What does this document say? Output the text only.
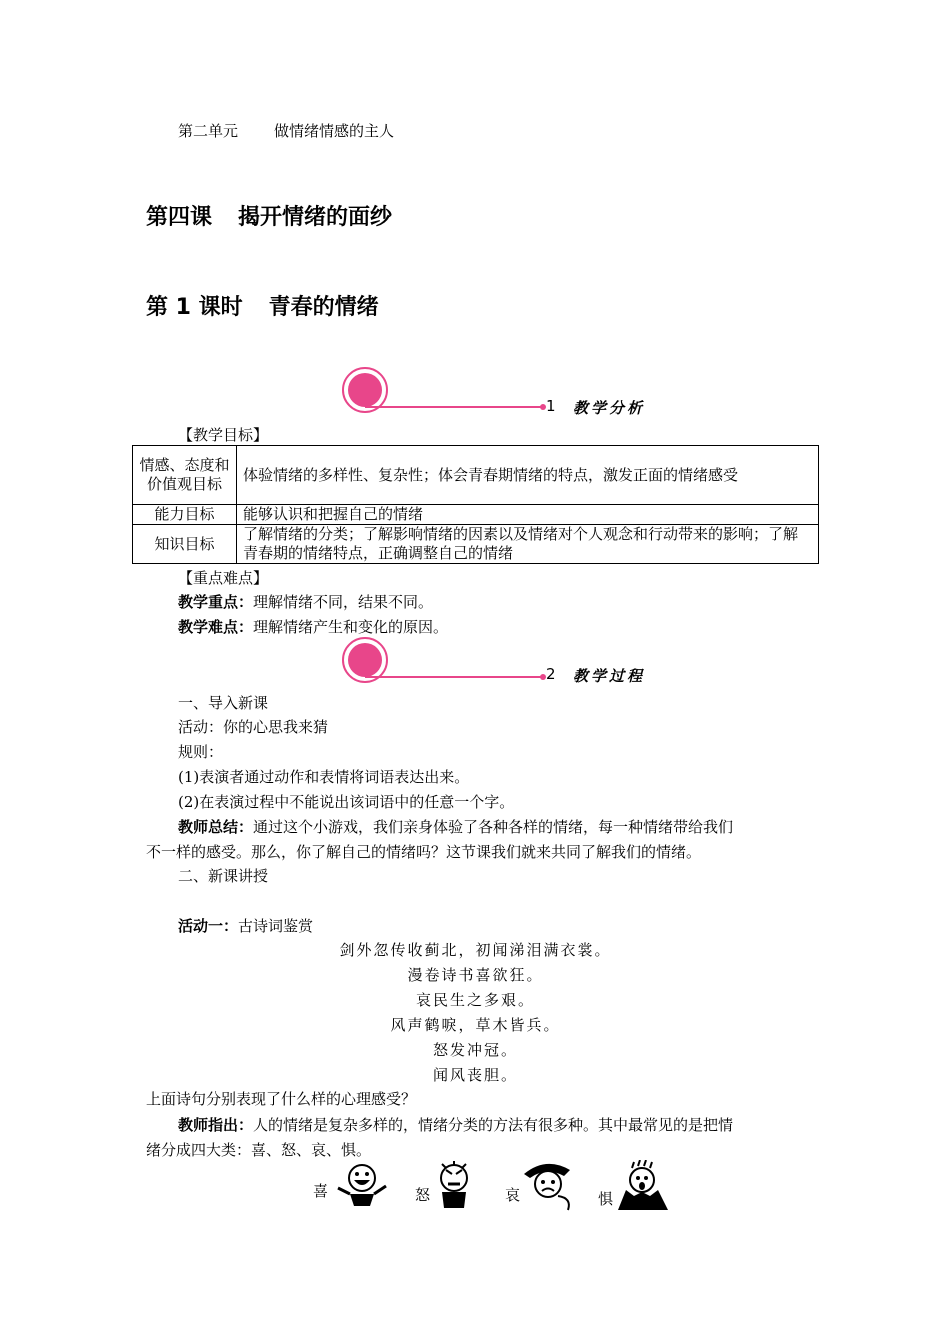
第二单元 做情绪情感的主人
第四课 揭开情绪的面纱
第 1 课时 青春的情绪
1 教学分析
【教学目标】
情感、态度和价值观目标	体验情绪的多样性、复杂性；体会青春期情绪的特点，激发正面的情绪感受
能力目标	能够认识和把握自己的情绪
知识目标	了解情绪的分类；了解影响情绪的因素以及情绪对个人观念和行动带来的影响；了解青春期的情绪特点，正确调整自己的情绪
【重点难点】
教学重点：理解情绪不同，结果不同。
教学难点：理解情绪产生和变化的原因。
2 教学过程
一、导入新课
活动：你的心思我来猜
规则：
(1)表演者通过动作和表情将词语表达出来。
(2)在表演过程中不能说出该词语中的任意一个字。
教师总结：通过这个小游戏，我们亲身体验了各种各样的情绪，每一种情绪带给我们
不一样的感受。那么，你了解自己的情绪吗？这节课我们就来共同了解我们的情绪。
二、新课讲授
活动一：古诗词鉴赏
剑外忽传收蓟北，初闻涕泪满衣裳。
漫卷诗书喜欲狂。
哀民生之多艰。
风声鹤唳，草木皆兵。
怒发冲冠。
闻风丧胆。
上面诗句分别表现了什么样的心理感受？
教师指出：人的情绪是复杂多样的，情绪分类的方法有很多种。其中最常见的是把情
绪分成四大类：喜、怒、哀、惧。
喜	怒	哀	惧
